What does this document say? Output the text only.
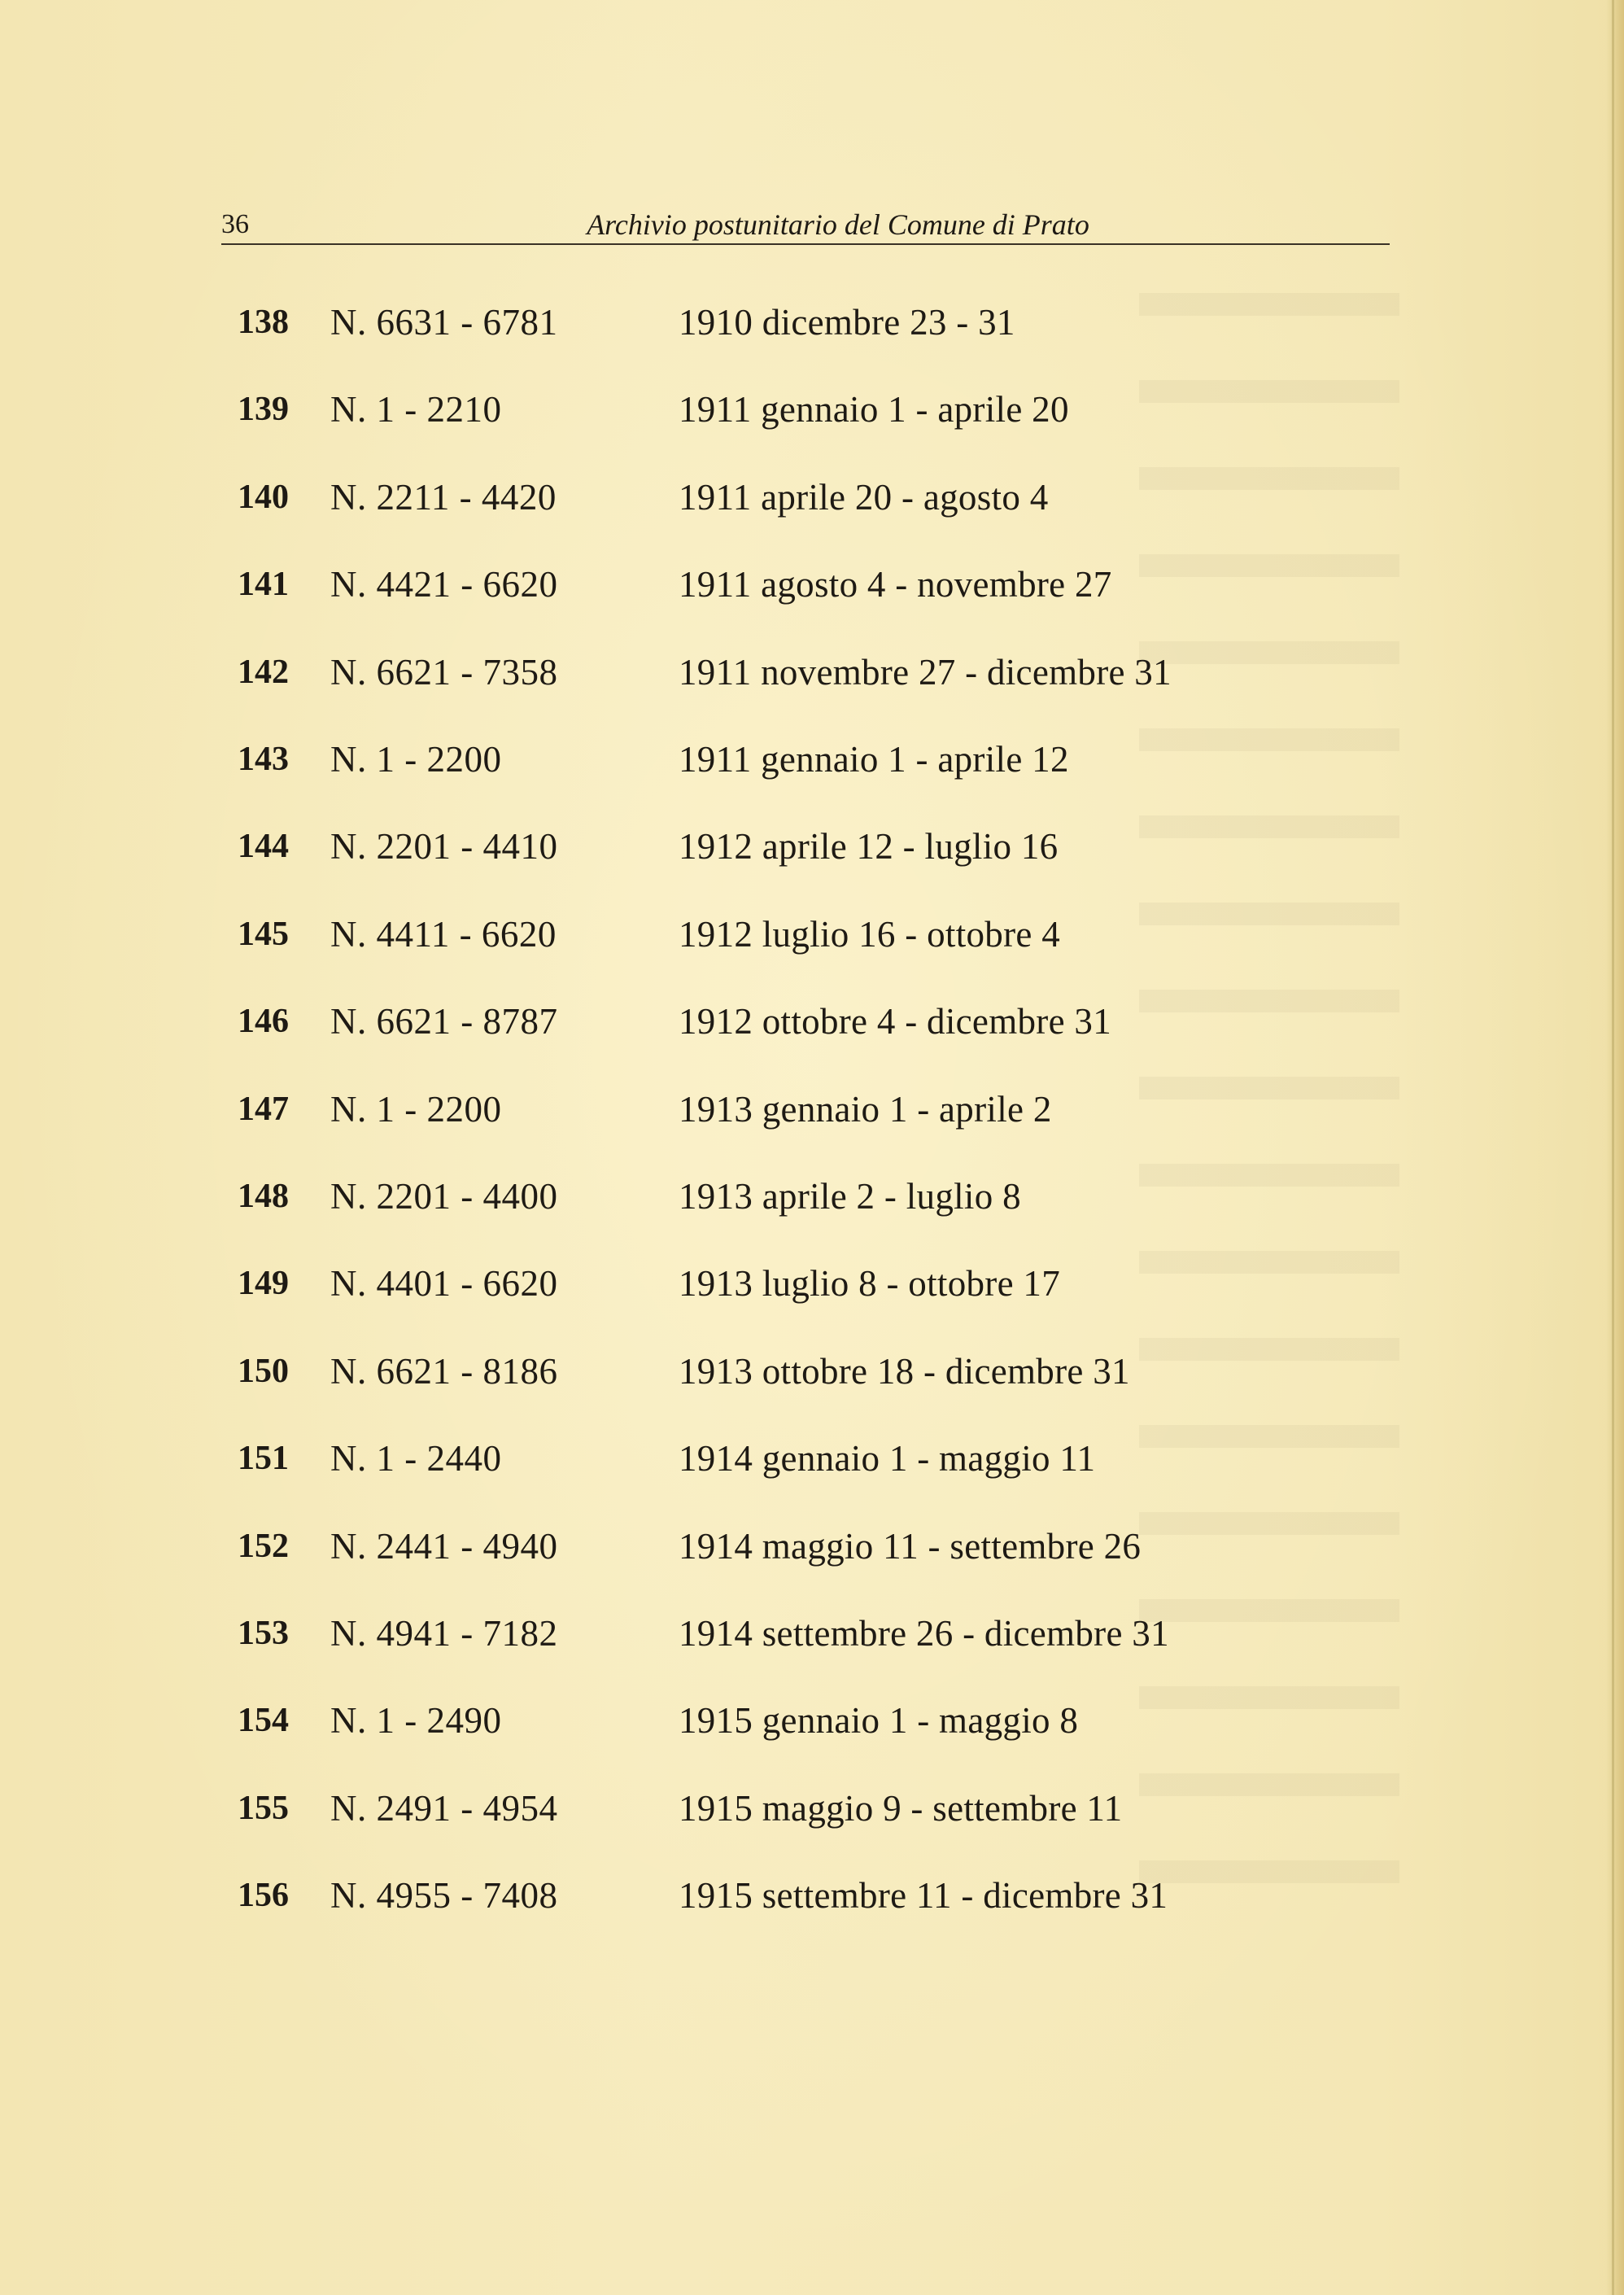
36	Archivio postunitario del Comune di Prato
138	N. 6631 - 6781	1910 dicembre 23 - 31
139	N. 1 - 2210	1911 gennaio 1 - aprile 20
140	N. 2211 - 4420	1911 aprile 20 - agosto 4
141	N. 4421 - 6620	1911 agosto 4 - novembre 27
142	N. 6621 - 7358	1911 novembre 27 - dicembre 31
143	N. 1 - 2200	1911 gennaio 1 - aprile 12
144	N. 2201 - 4410	1912 aprile 12 - luglio 16
145	N. 4411 - 6620	1912 luglio 16 - ottobre 4
146	N. 6621 - 8787	1912 ottobre 4 - dicembre 31
147	N. 1 - 2200	1913 gennaio 1 - aprile 2
148	N. 2201 - 4400	1913 aprile 2 - luglio 8
149	N. 4401 - 6620	1913 luglio 8 - ottobre 17
150	N. 6621 - 8186	1913 ottobre 18 - dicembre 31
151	N. 1 - 2440	1914 gennaio 1 - maggio 11
152	N. 2441 - 4940	1914 maggio 11 - settembre 26
153	N. 4941 - 7182	1914 settembre 26 - dicembre 31
154	N. 1 - 2490	1915 gennaio 1 - maggio 8
155	N. 2491 - 4954	1915 maggio 9 - settembre 11
156	N. 4955 - 7408	1915 settembre 11 - dicembre 31
